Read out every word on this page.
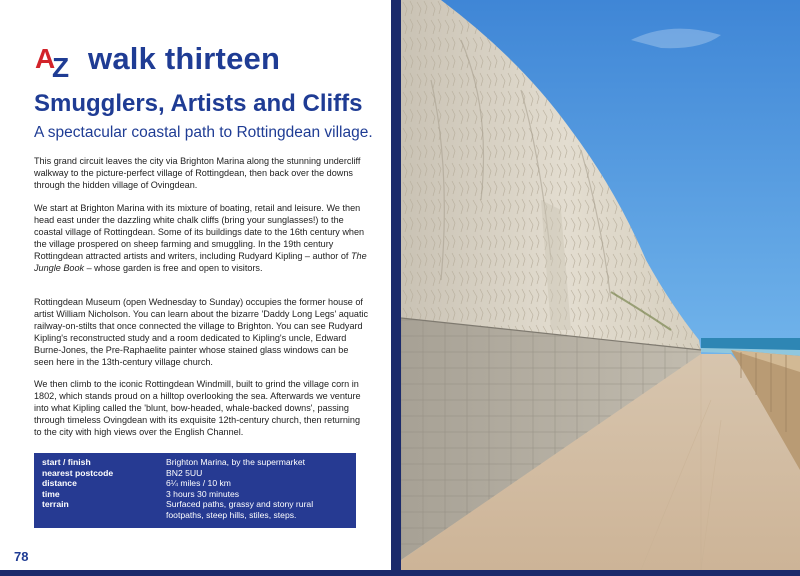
A
Z walk thirteen
Smugglers, Artists and Cliffs
A spectacular coastal path to Rottingdean village.

This grand circuit leaves the city via Brighton Marina along the stunning undercliff walkway to the picture-perfect village of Rottingdean, then back over the downs through the hidden village of Ovingdean.

We start at Brighton Marina with its mixture of boating, retail and leisure. We then head east under the dazzling white chalk cliffs (bring your sunglasses!) to the coastal village of Rottingdean. Some of its buildings date to the 16th century when the village prospered on sheep farming and smuggling. In the 19th century Rottingdean attracted artists and writers, including Rudyard Kipling – author of The Jungle Book – whose garden is free and open to visitors.

Rottingdean Museum (open Wednesday to Sunday) occupies the former house of artist William Nicholson. You can learn about the bizarre 'Daddy Long Legs' aquatic railway-on-stilts that once connected the village to Brighton. You can see Rudyard Kipling's reconstructed study and a room dedicated to Kipling's uncle, Edward Burne-Jones, the Pre-Raphaelite painter whose stained glass windows can be seen here in the 13th-century village church.

We then climb to the iconic Rottingdean Windmill, built to grind the village corn in 1802, which stands proud on a hilltop overlooking the sea. Afterwards we venture into what Kipling called the 'blunt, bow-headed, whale-backed downs', passing through timeless Ovingdean with its exquisite 12th-century church, then returning to the city with high views over the English Channel.

start / finish	Brighton Marina, by the supermarket
nearest postcode	BN2 5UU
distance	6¼ miles / 10 km
time	3 hours 30 minutes
terrain	Surfaced paths, grassy and stony rural footpaths, steep hills, stiles, steps.
78
